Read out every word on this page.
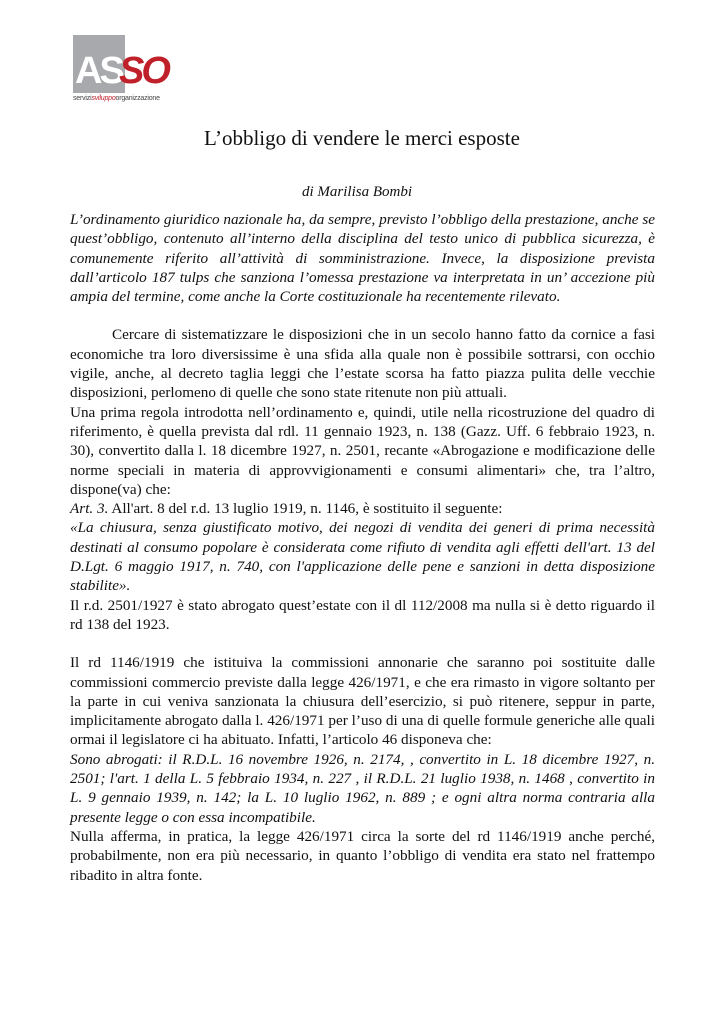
AS
SO
servizisviluppoorganizzazione
L’obbligo di vendere le merci esposte
di Marilisa Bombi

L’ordinamento giuridico nazionale ha, da sempre, previsto l’obbligo della prestazione, anche se quest’obbligo, contenuto all’interno della disciplina del testo unico di pubblica sicurezza, è comunemente riferito all’attività di somministrazione. Invece, la disposizione prevista dall’articolo 187 tulps che sanziona l’omessa prestazione va interpretata in un’ accezione più ampia del termine, come anche la Corte costituzionale ha recentemente rilevato.

Cercare di sistematizzare le disposizioni che in un secolo hanno fatto da cornice a fasi economiche tra loro diversissime è una sfida alla quale non è possibile sottrarsi, con occhio vigile, anche, al decreto taglia leggi che l’estate scorsa ha fatto piazza pulita delle vecchie disposizioni, perlomeno di quelle che sono state ritenute non più attuali.

Una prima regola introdotta nell’ordinamento e, quindi, utile nella ricostruzione del quadro di riferimento, è quella prevista dal rdl. 11 gennaio 1923, n. 138 (Gazz. Uff. 6 febbraio 1923, n. 30), convertito dalla l. 18 dicembre 1927, n. 2501, recante «Abrogazione e modificazione delle norme speciali in materia di approvvigionamenti e consumi alimentari» che, tra l’altro, dispone(va) che:

Art. 3. All'art. 8 del r.d. 13 luglio 1919, n. 1146, è sostituito il seguente:

«La chiusura, senza giustificato motivo, dei negozi di vendita dei generi di prima necessità destinati al consumo popolare è considerata come rifiuto di vendita agli effetti dell'art. 13 del D.Lgt. 6 maggio 1917, n. 740, con l'applicazione delle pene e sanzioni in detta disposizione stabilite».

Il r.d. 2501/1927 è stato abrogato quest’estate con il dl 112/2008 ma nulla si è detto riguardo il rd 138 del 1923.

Il rd 1146/1919 che istituiva la commissioni annonarie che saranno poi sostituite dalle commissioni commercio previste dalla legge 426/1971, e che era rimasto in vigore soltanto per la parte in cui veniva sanzionata la chiusura dell’esercizio, si può ritenere, seppur in parte, implicitamente abrogato dalla l. 426/1971 per l’uso di una di quelle formule generiche alle quali ormai il legislatore ci ha abituato. Infatti, l’articolo 46 disponeva che:

Sono abrogati: il R.D.L. 16 novembre 1926, n. 2174, , convertito in L. 18 dicembre 1927, n. 2501; l'art. 1 della L. 5 febbraio 1934, n. 227 , il R.D.L. 21 luglio 1938, n. 1468 , convertito in L. 9 gennaio 1939, n. 142; la L. 10 luglio 1962, n. 889 ; e ogni altra norma contraria alla presente legge o con essa incompatibile.

Nulla afferma, in pratica, la legge 426/1971 circa la sorte del rd 1146/1919 anche perché, probabilmente, non era più necessario, in quanto l’obbligo di vendita era stato nel frattempo ribadito in altra fonte.
